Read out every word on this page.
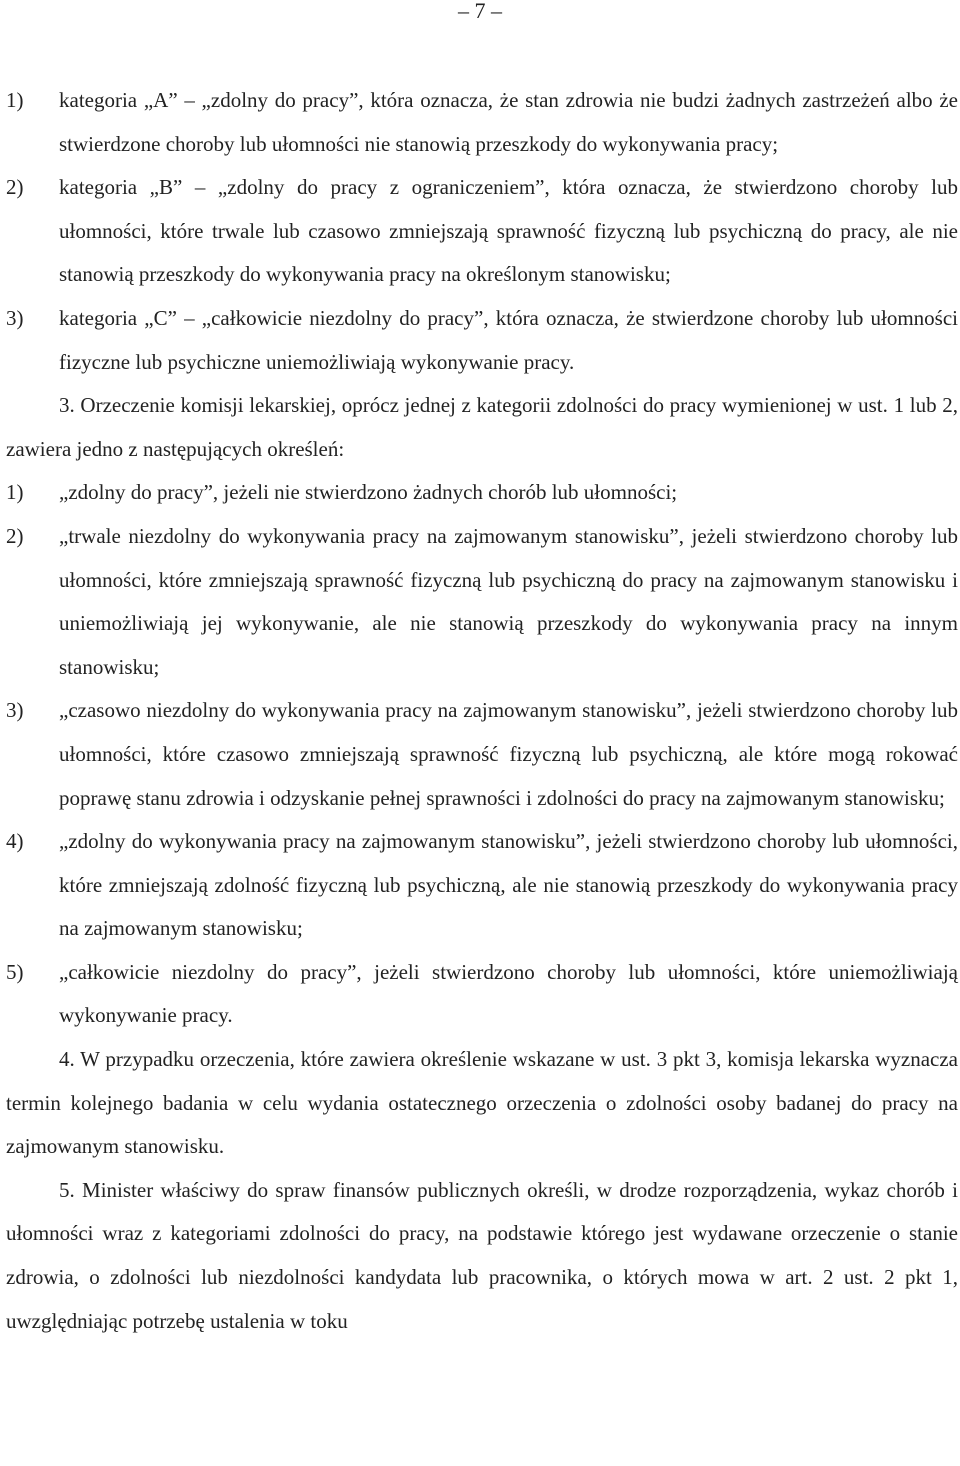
– 7 –
1) kategoria „A” – „zdolny do pracy”, która oznacza, że stan zdrowia nie budzi żadnych zastrzeżeń albo że stwierdzone choroby lub ułomności nie stanowią przeszkody do wykonywania pracy;
2) kategoria „B” – „zdolny do pracy z ograniczeniem”, która oznacza, że stwierdzono choroby lub ułomności, które trwale lub czasowo zmniejszają sprawność fizyczną lub psychiczną do pracy, ale nie stanowią przeszkody do wykonywania pracy na określonym stanowisku;
3) kategoria „C” – „całkowicie niezdolny do pracy”, która oznacza, że stwierdzone choroby lub ułomności fizyczne lub psychiczne uniemożliwiają wykonywanie pracy.
3. Orzeczenie komisji lekarskiej, oprócz jednej z kategorii zdolności do pracy wymienionej w ust. 1 lub 2, zawiera jedno z następujących określeń:
1) „zdolny do pracy”, jeżeli nie stwierdzono żadnych chorób lub ułomności;
2) „trwale niezdolny do wykonywania pracy na zajmowanym stanowisku”, jeżeli stwierdzono choroby lub ułomności, które zmniejszają sprawność fizyczną lub psychiczną do pracy na zajmowanym stanowisku i uniemożliwiają jej wykonywanie, ale nie stanowią przeszkody do wykonywania pracy na innym stanowisku;
3) „czasowo niezdolny do wykonywania pracy na zajmowanym stanowisku”, jeżeli stwierdzono choroby lub ułomności, które czasowo zmniejszają sprawność fizyczną lub psychiczną, ale które mogą rokować poprawę stanu zdrowia i odzyskanie pełnej sprawności i zdolności do pracy na zajmowanym stanowisku;
4) „zdolny do wykonywania pracy na zajmowanym stanowisku”, jeżeli stwierdzono choroby lub ułomności, które zmniejszają zdolność fizyczną lub psychiczną, ale nie stanowią przeszkody do wykonywania pracy na zajmowanym stanowisku;
5) „całkowicie niezdolny do pracy”, jeżeli stwierdzono choroby lub ułomności, które uniemożliwiają wykonywanie pracy.
4. W przypadku orzeczenia, które zawiera określenie wskazane w ust. 3 pkt 3, komisja lekarska wyznacza termin kolejnego badania w celu wydania ostatecznego orzeczenia o zdolności osoby badanej do pracy na zajmowanym stanowisku.
5. Minister właściwy do spraw finansów publicznych określi, w drodze rozporządzenia, wykaz chorób i ułomności wraz z kategoriami zdolności do pracy, na podstawie którego jest wydawane orzeczenie o stanie zdrowia, o zdolności lub niezdolności kandydata lub pracownika, o których mowa w art. 2 ust. 2 pkt 1, uwzględniając potrzebę ustalenia w toku
